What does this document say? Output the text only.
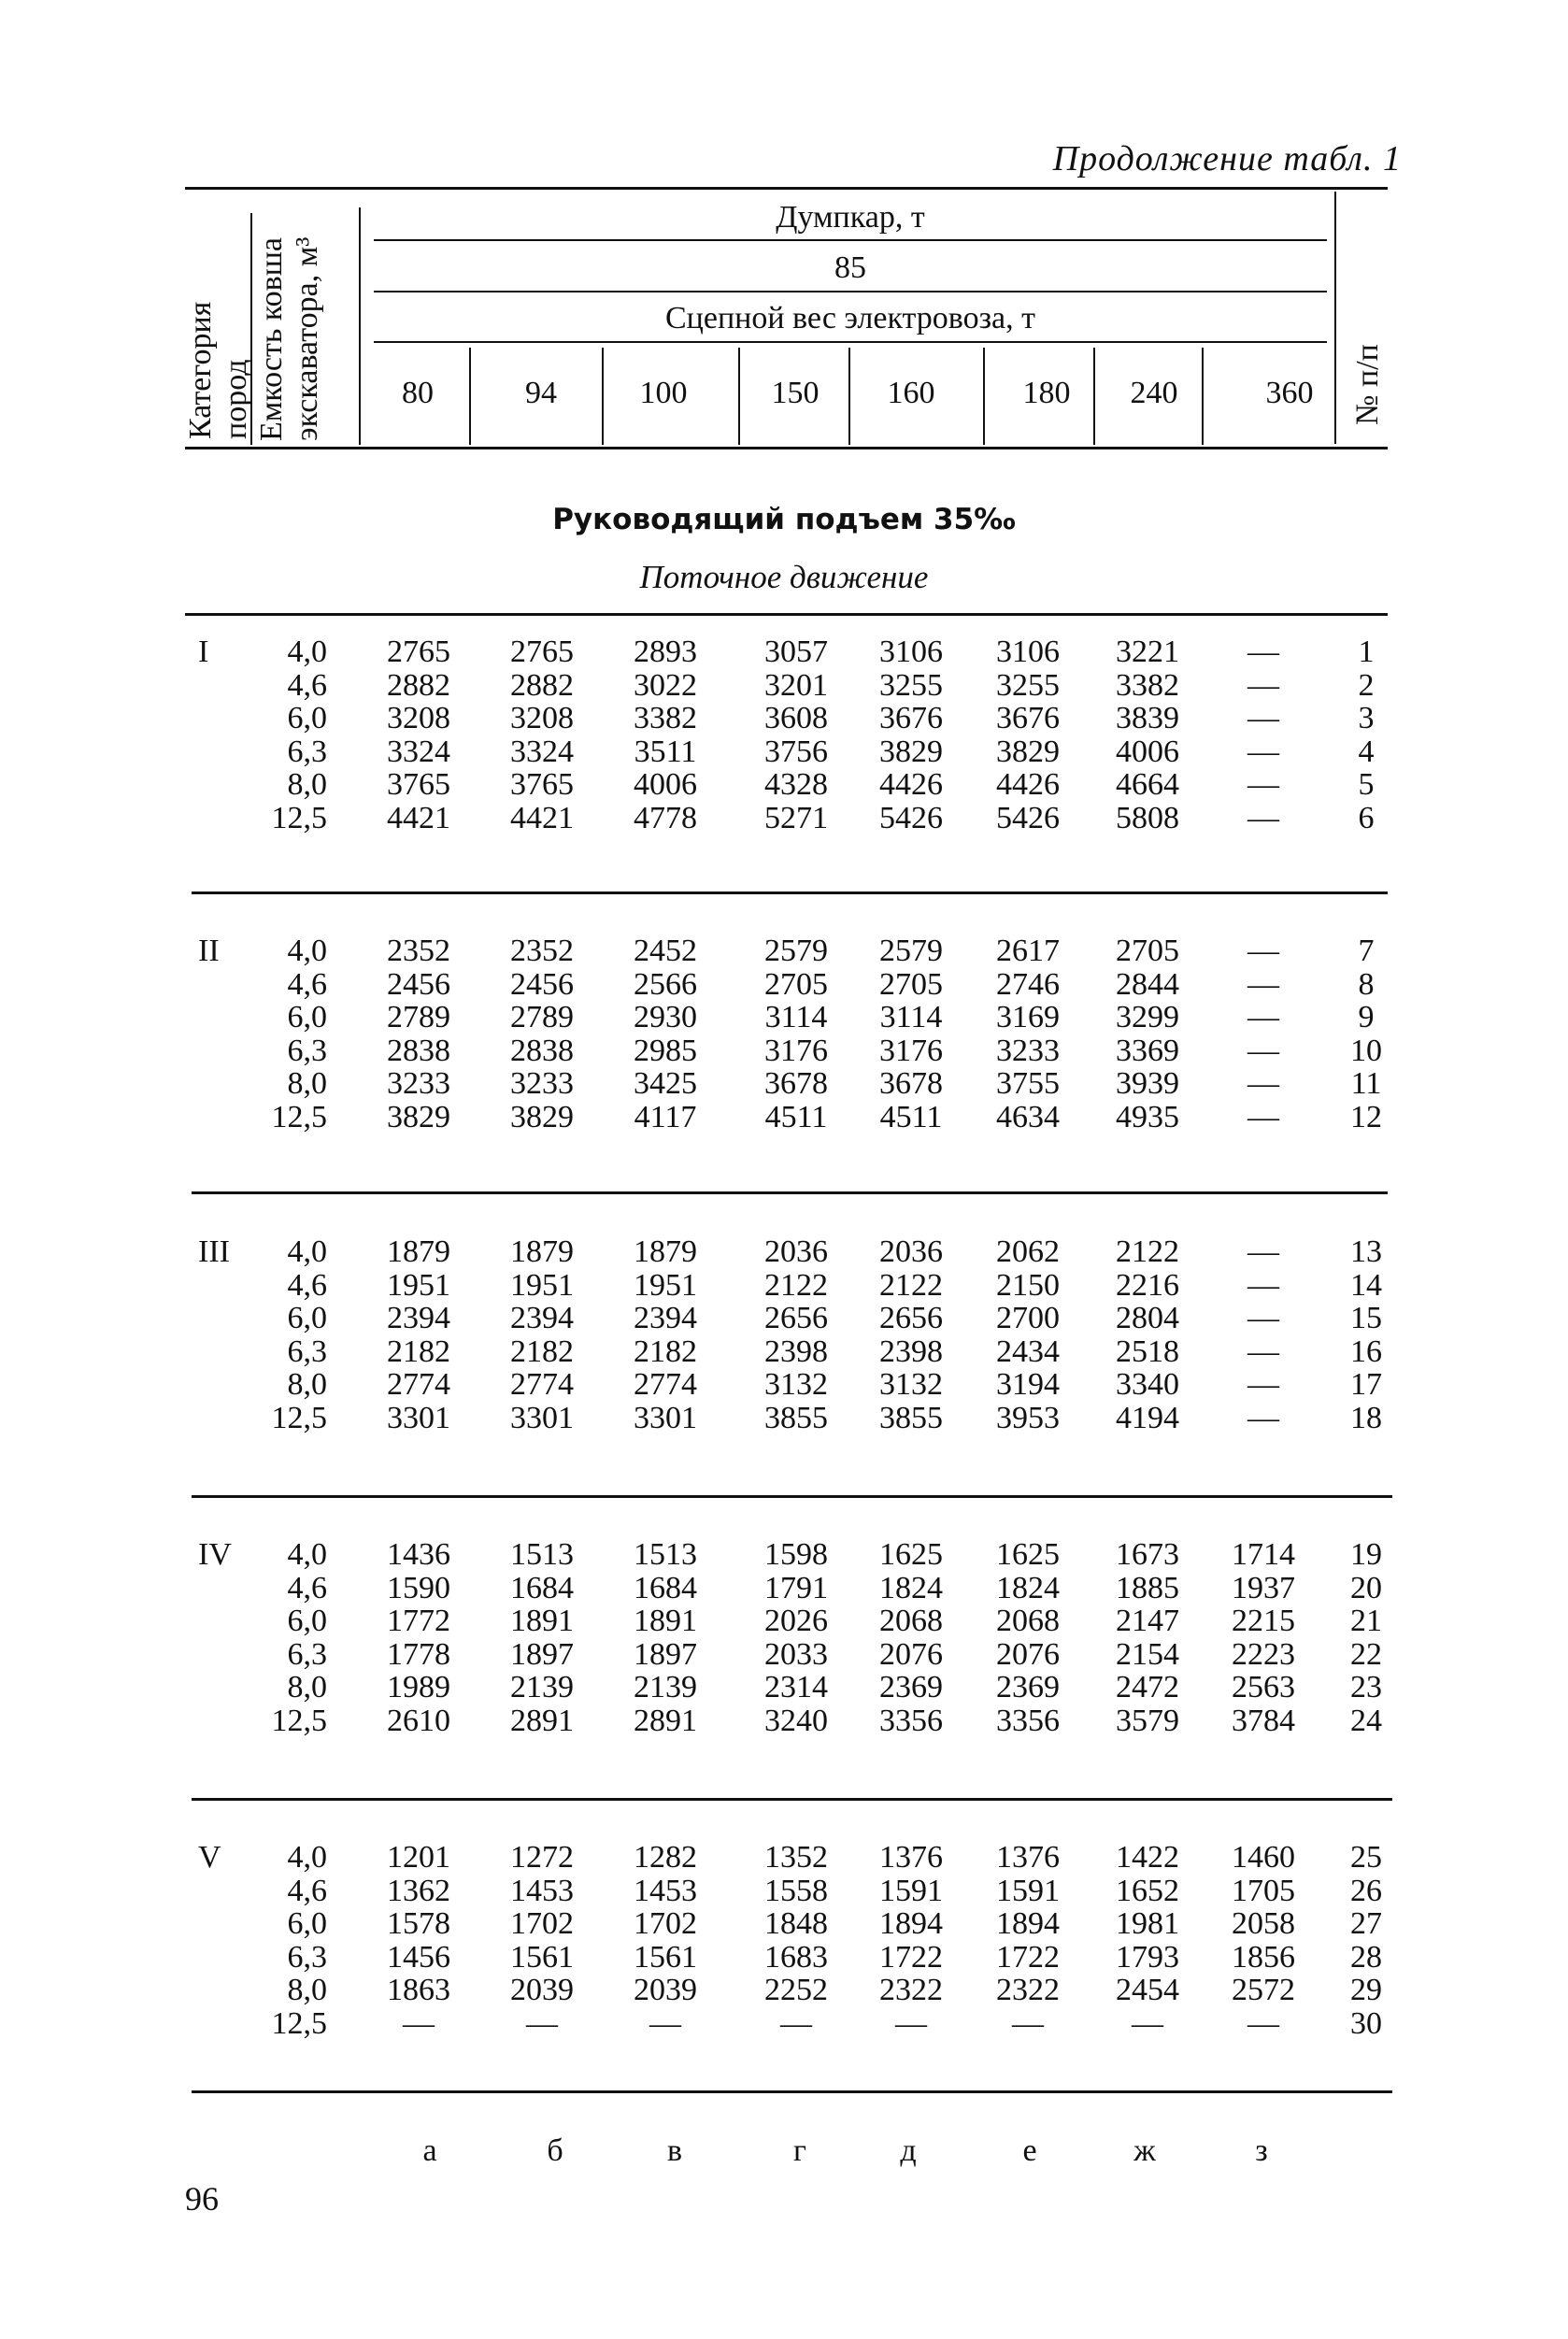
Продолжение табл. 1
Категория пород Емкость ковша экскаватора, м³	№ п/п
Думпкар, т
85
Сцепной вес электровоза, т
80	94	100	150	160	180	240	360
Руководящий подъем 35‰
Поточное движение
I	4,0	2765	2765	2893	3057	3106	3106	3221	—	1
4,6	2882	2882	3022	3201	3255	3255	3382	—	2
6,0	3208	3208	3382	3608	3676	3676	3839	—	3
6,3	3324	3324	3511	3756	3829	3829	4006	—	4
8,0	3765	3765	4006	4328	4426	4426	4664	—	5
12,5	4421	4421	4778	5271	5426	5426	5808	—	6
II	4,0	2352	2352	2452	2579	2579	2617	2705	—	7
4,6	2456	2456	2566	2705	2705	2746	2844	—	8
6,0	2789	2789	2930	3114	3114	3169	3299	—	9
6,3	2838	2838	2985	3176	3176	3233	3369	—	10
8,0	3233	3233	3425	3678	3678	3755	3939	—	11
12,5	3829	3829	4117	4511	4511	4634	4935	—	12
III	4,0	1879	1879	1879	2036	2036	2062	2122	—	13
4,6	1951	1951	1951	2122	2122	2150	2216	—	14
6,0	2394	2394	2394	2656	2656	2700	2804	—	15
6,3	2182	2182	2182	2398	2398	2434	2518	—	16
8,0	2774	2774	2774	3132	3132	3194	3340	—	17
12,5	3301	3301	3301	3855	3855	3953	4194	—	18
IV	4,0	1436	1513	1513	1598	1625	1625	1673	1714	19
4,6	1590	1684	1684	1791	1824	1824	1885	1937	20
6,0	1772	1891	1891	2026	2068	2068	2147	2215	21
6,3	1778	1897	1897	2033	2076	2076	2154	2223	22
8,0	1989	2139	2139	2314	2369	2369	2472	2563	23
12,5	2610	2891	2891	3240	3356	3356	3579	3784	24
V	4,0	1201	1272	1282	1352	1376	1376	1422	1460	25
4,6	1362	1453	1453	1558	1591	1591	1652	1705	26
6,0	1578	1702	1702	1848	1894	1894	1981	2058	27
6,3	1456	1561	1561	1683	1722	1722	1793	1856	28
8,0	1863	2039	2039	2252	2322	2322	2454	2572	29
12,5	—	—	—	—	—	—	—	—	30
а	б	в	г	д	е	ж	з
96
